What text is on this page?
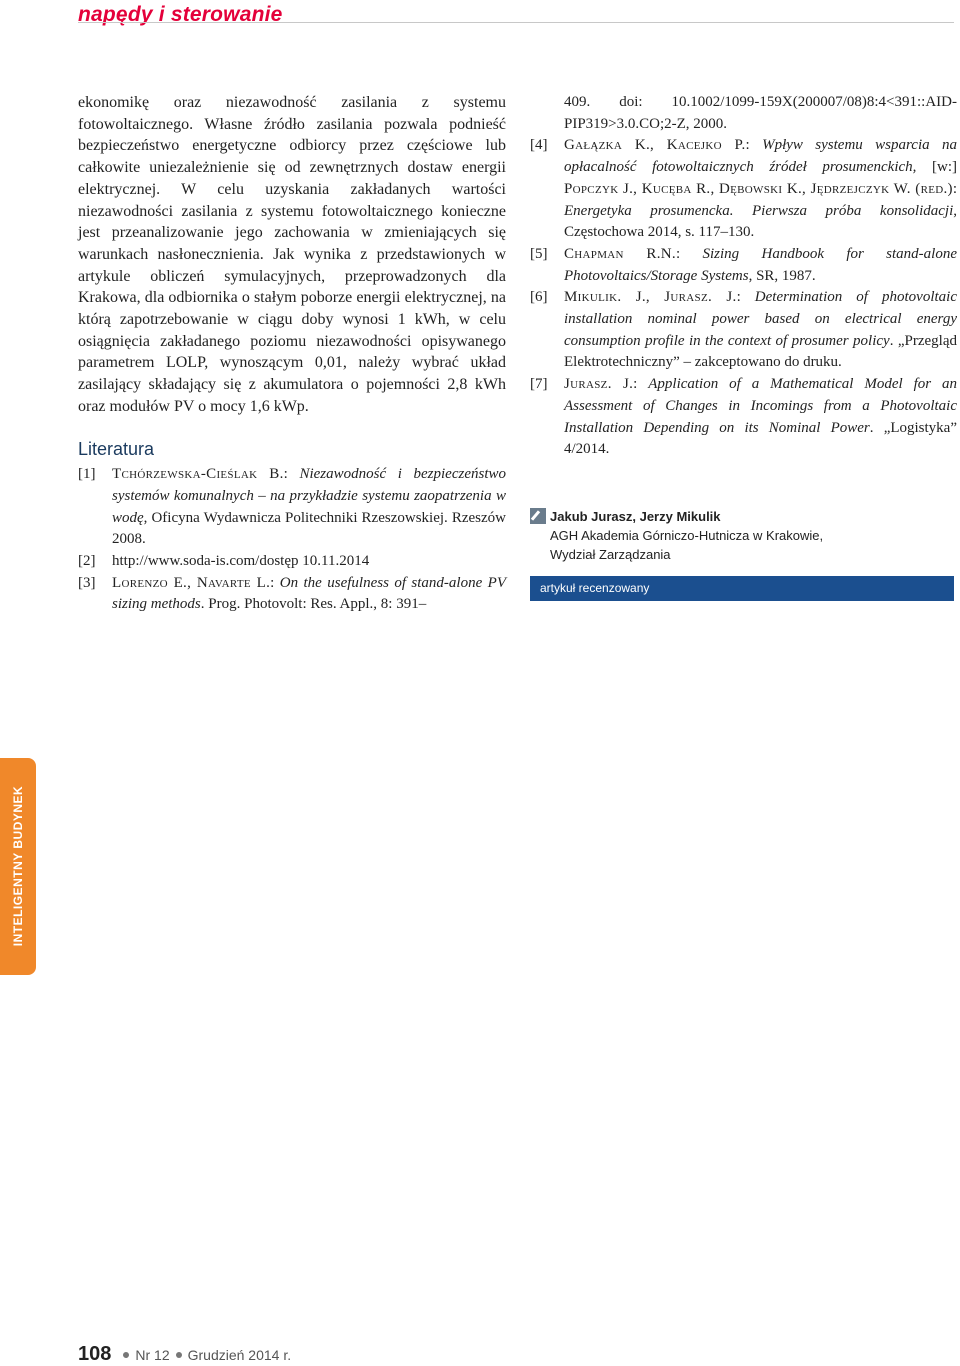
napędy i sterowanie

ekonomikę oraz niezawodność zasilania z systemu fotowoltaicznego. Własne źródło zasilania pozwala podnieść bezpieczeństwo energetyczne odbiorcy przez częściowe lub całkowite uniezależnienie się od zewnętrznych dostaw energii elektrycznej. W celu uzyskania zakładanych wartości niezawodności zasilania z systemu fotowoltaicznego konieczne jest przeanalizowanie jego zachowania w zmieniających się warunkach nasłonecznienia. Jak wynika z przedstawionych w artykule obliczeń symulacyjnych, przeprowadzonych dla Krakowa, dla odbiornika o stałym poborze energii elektrycznej, na którą zapotrzebowanie w ciągu doby wynosi 1 kWh, w celu osiągnięcia zakładanego poziomu niezawodności opisywanego parametrem LOLP, wynoszącym 0,01, należy wybrać układ zasilający składający się z akumulatora o pojemności 2,8 kWh oraz modułów PV o mocy 1,6 kWp.

Literatura
[1]	Tchórzewska-Cieślak B.: Niezawodność i bezpieczeństwo systemów komunalnych – na przykładzie systemu zaopatrzenia w wodę, Oficyna Wydawnicza Politechniki Rzeszowskiej. Rzeszów 2008.
[2]	http://www.soda-is.com/dostęp 10.11.2014
[3]	Lorenzo E., Navarte L.: On the usefulness of stand-alone PV sizing methods. Prog. Photovolt: Res. Appl., 8: 391–
409. doi: 10.1002/1099-159X(200007/08)8:4<391::AID-PIP319>3.0.CO;2-Z, 2000.
[4]	Gałązka K., Kacejko P.: Wpływ systemu wsparcia na opłacalność fotowoltaicznych źródeł prosumenckich, [w:] Popczyk J., Kucęba R., Dębowski K., Jędrzejczyk W. (red.): Energetyka prosumencka. Pierwsza próba konsolidacji, Częstochowa 2014, s. 117–130.
[5]	Chapman R.N.: Sizing Handbook for stand-alone Photovoltaics/Storage Systems, SR, 1987.
[6]	Mikulik. J., Jurasz. J.: Determination of photovoltaic installation nominal power based on electrical energy consumption profile in the context of prosumer policy. „Przegląd Elektrotechniczny” – zakceptowano do druku.
[7]	Jurasz. J.: Application of a Mathematical Model for an Assessment of Changes in Incomings from a Photovoltaic Installation Depending on its Nominal Power. „Logistyka” 4/2014.
Jakub Jurasz, Jerzy Mikulik
AGH Akademia Górniczo-Hutnicza w Krakowie,
Wydział Zarządzania
artykuł recenzowany
INTELIGENTNY BUDYNEK
108 Nr 12 Grudzień 2014 r.
